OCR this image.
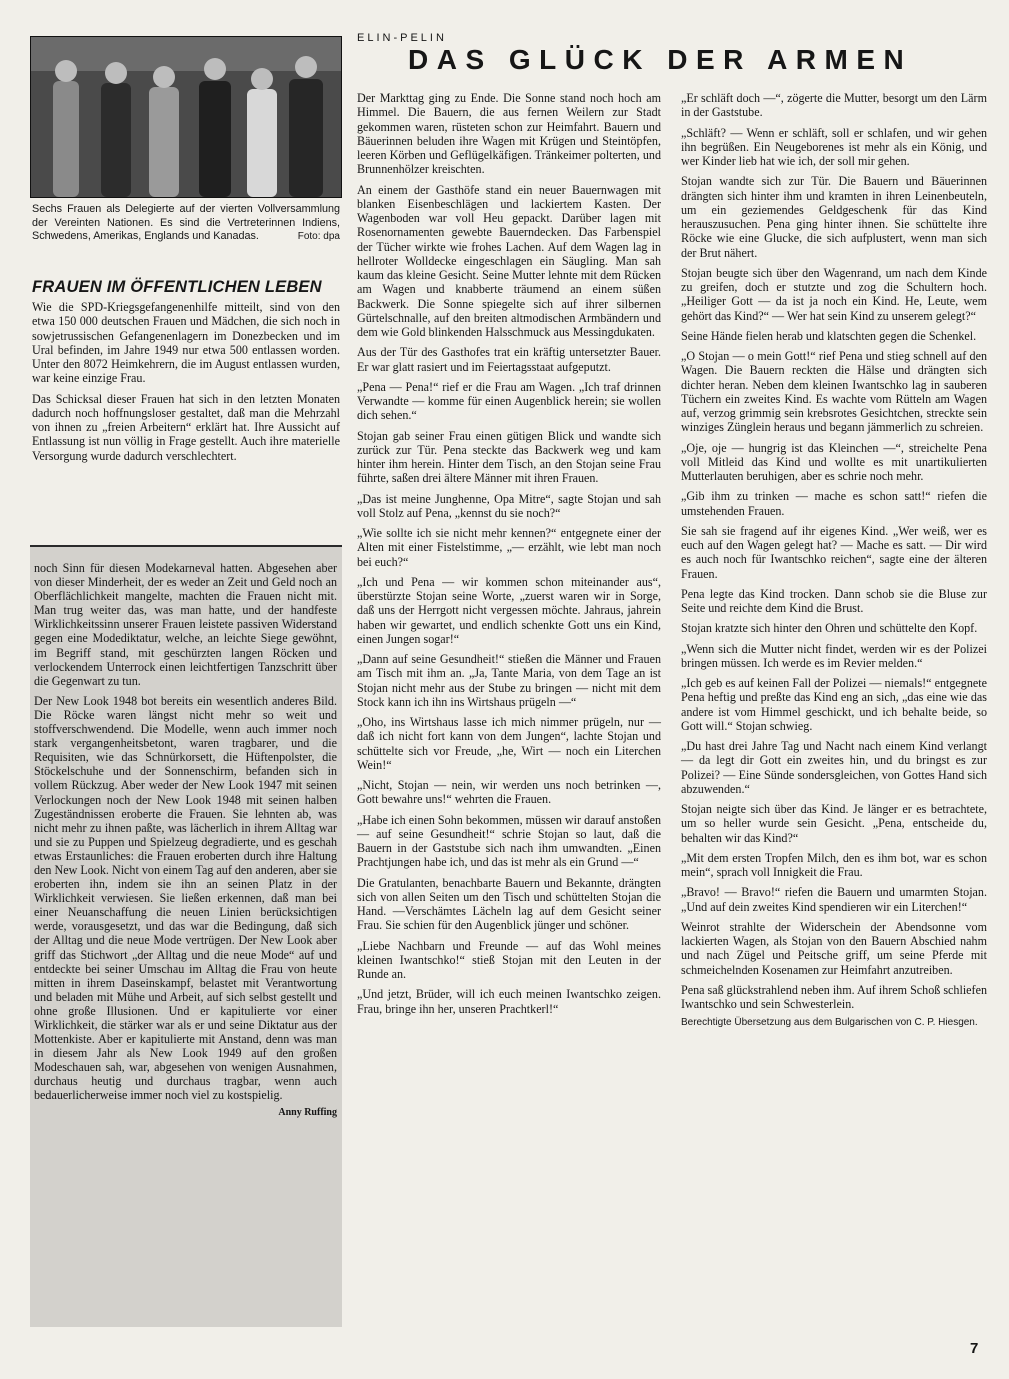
Sechs Frauen als Delegierte auf der vierten Vollversammlung der Vereinten Nationen. Es sind die Vertreterinnen Indiens, Schwedens, Amerikas, Englands und Kanadas.	Foto: dpa
FRAUEN IM ÖFFENTLICHEN LEBEN

Wie die SPD-Kriegsgefangenenhilfe mitteilt, sind von den etwa 150 000 deutschen Frauen und Mädchen, die sich noch in sowjetrussischen Gefangenenlagern im Donezbecken und im Ural befinden, im Jahre 1949 nur etwa 500 entlassen worden. Unter den 8072 Heimkehrern, die im August entlassen wurden, war keine einzige Frau.

Das Schicksal dieser Frauen hat sich in den letzten Monaten dadurch noch hoffnungsloser gestaltet, daß man die Mehrzahl von ihnen zu „freien Arbeitern“ erklärt hat. Ihre Aussicht auf Entlassung ist nun völlig in Frage gestellt. Auch ihre materielle Versorgung wurde dadurch verschlechtert.

noch Sinn für diesen Modekarneval hatten. Abgesehen aber von dieser Minderheit, der es weder an Zeit und Geld noch an Oberflächlichkeit mangelte, machten die Frauen nicht mit. Man trug weiter das, was man hatte, und der handfeste Wirklichkeitssinn unserer Frauen leistete passiven Widerstand gegen eine Modediktatur, welche, an leichte Siege gewöhnt, im Begriff stand, mit geschürzten langen Röcken und verlockendem Unterrock einen leichtfertigen Tanzschritt über die Gegenwart zu tun.

Der New Look 1948 bot bereits ein wesentlich anderes Bild. Die Röcke waren längst nicht mehr so weit und stoffverschwendend. Die Modelle, wenn auch immer noch stark vergangenheitsbetont, waren tragbarer, und die Requisiten, wie das Schnürkorsett, die Hüftenpolster, die Stöckelschuhe und der Sonnenschirm, befanden sich in vollem Rückzug. Aber weder der New Look 1947 mit seinen Verlockungen noch der New Look 1948 mit seinen halben Zugeständnissen eroberte die Frauen. Sie lehnten ab, was nicht mehr zu ihnen paßte, was lächerlich in ihrem Alltag war und sie zu Puppen und Spielzeug degradierte, und es geschah etwas Erstaunliches: die Frauen eroberten durch ihre Haltung den New Look. Nicht von einem Tag auf den anderen, aber sie eroberten ihn, indem sie ihn an seinen Platz in der Wirklichkeit verwiesen. Sie ließen erkennen, daß man bei einer Neuanschaffung die neuen Linien berücksichtigen werde, vorausgesetzt, und das war die Bedingung, daß sich der Alltag und die neue Mode vertrügen. Der New Look aber griff das Stichwort „der Alltag und die neue Mode“ auf und entdeckte bei seiner Umschau im Alltag die Frau von heute mitten in ihrem Daseinskampf, belastet mit Verantwortung und beladen mit Mühe und Arbeit, auf sich selbst gestellt und ohne große Illusionen. Und er kapitulierte vor einer Wirklichkeit, die stärker war als er und seine Diktatur aus der Mottenkiste. Aber er kapitulierte mit Anstand, denn was man in diesem Jahr als New Look 1949 auf den großen Modeschauen sah, war, abgesehen von wenigen Ausnahmen, durchaus heutig und durchaus tragbar, wenn auch bedauerlicherweise immer noch viel zu kostspielig.

Anny Ruffing
ELIN-PELIN
DAS GLÜCK DER ARMEN

Der Markttag ging zu Ende. Die Sonne stand noch hoch am Himmel. Die Bauern, die aus fernen Weilern zur Stadt gekommen waren, rüsteten schon zur Heimfahrt. Bauern und Bäuerinnen beluden ihre Wagen mit Krügen und Steintöpfen, leeren Körben und Geflügelkäfigen. Tränkeimer polterten, und Brunnenhölzer kreischten.

An einem der Gasthöfe stand ein neuer Bauernwagen mit blanken Eisenbeschlägen und lackiertem Kasten. Der Wagenboden war voll Heu gepackt. Darüber lagen mit Rosenornamenten gewebte Bauerndecken. Das Farbenspiel der Tücher wirkte wie frohes Lachen. Auf dem Wagen lag in hellroter Wolldecke eingeschlagen ein Säugling. Man sah kaum das kleine Gesicht. Seine Mutter lehnte mit dem Rücken am Wagen und knabberte träumend an einem süßen Backwerk. Die Sonne spiegelte sich auf ihrer silbernen Gürtelschnalle, auf den breiten altmodischen Armbändern und dem wie Gold blinkenden Halsschmuck aus Messingdukaten.

Aus der Tür des Gasthofes trat ein kräftig untersetzter Bauer. Er war glatt rasiert und im Feiertagsstaat aufgeputzt.

„Pena — Pena!“ rief er die Frau am Wagen. „Ich traf drinnen Verwandte — komme für einen Augenblick herein; sie wollen dich sehen.“

Stojan gab seiner Frau einen gütigen Blick und wandte sich zurück zur Tür. Pena steckte das Backwerk weg und kam hinter ihm herein. Hinter dem Tisch, an den Stojan seine Frau führte, saßen drei ältere Männer mit ihren Frauen.

„Das ist meine Junghenne, Opa Mitre“, sagte Stojan und sah voll Stolz auf Pena, „kennst du sie noch?“

„Wie sollte ich sie nicht mehr kennen?“ entgegnete einer der Alten mit einer Fistelstimme, „— erzählt, wie lebt man noch bei euch?“

„Ich und Pena — wir kommen schon miteinander aus“, überstürzte Stojan seine Worte, „zuerst waren wir in Sorge, daß uns der Herrgott nicht vergessen möchte. Jahraus, jahrein haben wir gewartet, und endlich schenkte Gott uns ein Kind, einen Jungen sogar!“

„Dann auf seine Gesundheit!“ stießen die Männer und Frauen am Tisch mit ihm an. „Ja, Tante Maria, von dem Tage an ist Stojan nicht mehr aus der Stube zu bringen — nicht mit dem Stock kann ich ihn ins Wirtshaus prügeln —“

„Oho, ins Wirtshaus lasse ich mich nimmer prügeln, nur — daß ich nicht fort kann von dem Jungen“, lachte Stojan und schüttelte sich vor Freude, „he, Wirt — noch ein Literchen Wein!“

„Nicht, Stojan — nein, wir werden uns noch betrinken —, Gott bewahre uns!“ wehrten die Frauen.

„Habe ich einen Sohn bekommen, müssen wir darauf anstoßen — auf seine Gesundheit!“ schrie Stojan so laut, daß die Bauern in der Gaststube sich nach ihm umwandten. „Einen Prachtjungen habe ich, und das ist mehr als ein Grund —“

Die Gratulanten, benachbarte Bauern und Bekannte, drängten sich von allen Seiten um den Tisch und schüttelten Stojan die Hand. —Verschämtes Lächeln lag auf dem Gesicht seiner Frau. Sie schien für den Augenblick jünger und schöner.

„Liebe Nachbarn und Freunde — auf das Wohl meines kleinen Iwantschko!“ stieß Stojan mit den Leuten in der Runde an.

„Und jetzt, Brüder, will ich euch meinen Iwantschko zeigen. Frau, bringe ihn her, unseren Prachtkerl!“

„Er schläft doch —“, zögerte die Mutter, besorgt um den Lärm in der Gaststube.

„Schläft? — Wenn er schläft, soll er schlafen, und wir gehen ihn begrüßen. Ein Neugeborenes ist mehr als ein König, und wer Kinder lieb hat wie ich, der soll mir gehen.

Stojan wandte sich zur Tür. Die Bauern und Bäuerinnen drängten sich hinter ihm und kramten in ihren Leinenbeuteln, um ein geziemendes Geldgeschenk für das Kind herauszusuchen. Pena ging hinter ihnen. Sie schüttelte ihre Röcke wie eine Glucke, die sich aufplustert, wenn man sich der Brut nähert.

Stojan beugte sich über den Wagenrand, um nach dem Kinde zu greifen, doch er stutzte und zog die Schultern hoch. „Heiliger Gott — da ist ja noch ein Kind. He, Leute, wem gehört das Kind?“ — Wer hat sein Kind zu unserem gelegt?“

Seine Hände fielen herab und klatschten gegen die Schenkel.

„O Stojan — o mein Gott!“ rief Pena und stieg schnell auf den Wagen. Die Bauern reckten die Hälse und drängten sich dichter heran. Neben dem kleinen Iwantschko lag in sauberen Tüchern ein zweites Kind. Es wachte vom Rütteln am Wagen auf, verzog grimmig sein krebsrotes Gesichtchen, streckte sein winziges Zünglein heraus und begann jämmerlich zu schreien.

„Oje, oje — hungrig ist das Kleinchen —“, streichelte Pena voll Mitleid das Kind und wollte es mit unartikulierten Mutterlauten beruhigen, aber es schrie noch mehr.

„Gib ihm zu trinken — mache es schon satt!“ riefen die umstehenden Frauen.

Sie sah sie fragend auf ihr eigenes Kind. „Wer weiß, wer es euch auf den Wagen gelegt hat? — Mache es satt. — Dir wird es auch noch für Iwantschko reichen“, sagte eine der älteren Frauen.

Pena legte das Kind trocken. Dann schob sie die Bluse zur Seite und reichte dem Kind die Brust.

Stojan kratzte sich hinter den Ohren und schüttelte den Kopf.

„Wenn sich die Mutter nicht findet, werden wir es der Polizei bringen müssen. Ich werde es im Revier melden.“

„Ich geb es auf keinen Fall der Polizei — niemals!“ entgegnete Pena heftig und preßte das Kind eng an sich, „das eine wie das andere ist vom Himmel geschickt, und ich behalte beide, so Gott will.“ Stojan schwieg.

„Du hast drei Jahre Tag und Nacht nach einem Kind verlangt — da legt dir Gott ein zweites hin, und du bringst es zur Polizei? — Eine Sünde sondersgleichen, von Gottes Hand sich abzuwenden.“

Stojan neigte sich über das Kind. Je länger er es betrachtete, um so heller wurde sein Gesicht. „Pena, entscheide du, behalten wir das Kind?“

„Mit dem ersten Tropfen Milch, den es ihm bot, war es schon mein“, sprach voll Innigkeit die Frau.

„Bravo! — Bravo!“ riefen die Bauern und umarmten Stojan. „Und auf dein zweites Kind spendieren wir ein Literchen!“

Weinrot strahlte der Widerschein der Abendsonne vom lackierten Wagen, als Stojan von den Bauern Abschied nahm und nach Zügel und Peitsche griff, um seine Pferde mit schmeichelnden Kosenamen zur Heimfahrt anzutreiben.

Pena saß glückstrahlend neben ihm. Auf ihrem Schoß schliefen Iwantschko und sein Schwesterlein.

Berechtigte Übersetzung aus dem Bulgarischen von C. P. Hiesgen.
7
